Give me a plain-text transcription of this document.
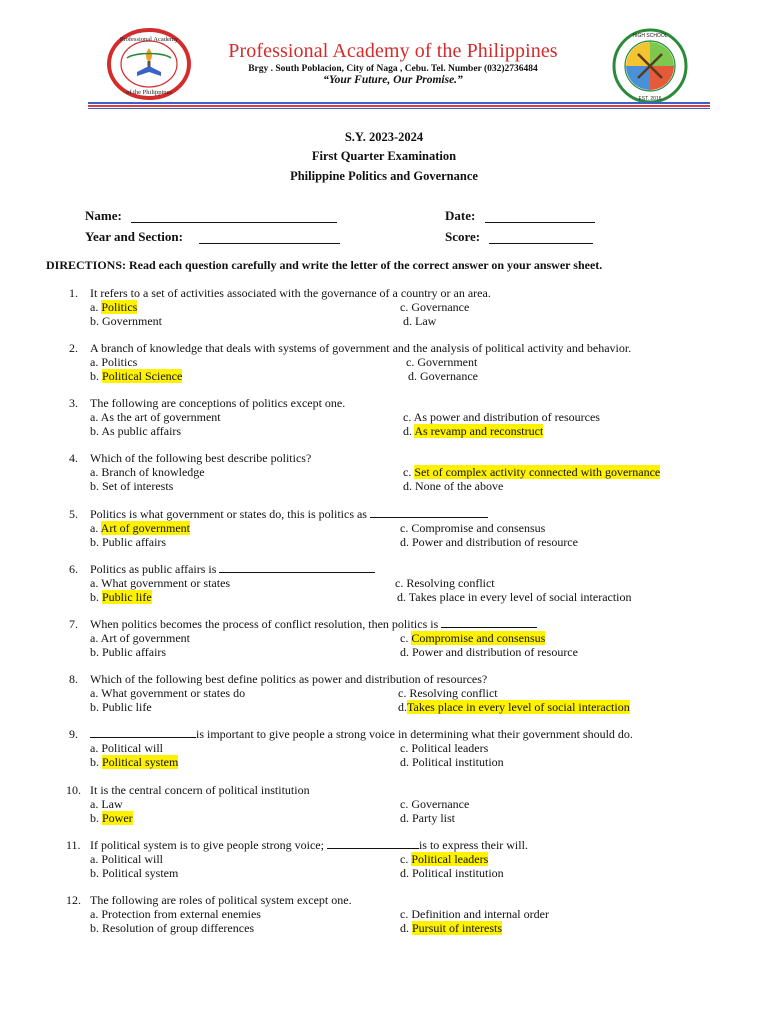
Professional Academy
of the Philippines
Professional Academy of the Philippines
Brgy . South Poblacion, City of Naga , Cebu. Tel. Number (032)2736484
“Your Future, Our Promise.”
HIGH SCHOOL
EST. 2016
S.Y. 2023-2024
First Quarter Examination
Philippine Politics and Governance
Name:	Date:
Year and Section:	Score:
DIRECTIONS: Read each question carefully and write the letter of the correct answer on your answer sheet.
1. It refers to a set of activities associated with the governance of a country or an area.
a. Politics
b. Government
c. Governance
d. Law
2. A branch of knowledge that deals with systems of government and the analysis of political activity and behavior.
a. Politics
b. Political Science
c. Government
d. Governance
3. The following are conceptions of politics except one.
a. As the art of government
b. As public affairs
c. As power and distribution of resources
d. As revamp and reconstruct
4. Which of the following best describe politics?
a. Branch of knowledge
b. Set of interests
c. Set of complex activity connected with governance
d. None of the above
5. Politics is what government or states do, this is politics as
a. Art of government
b. Public affairs
c. Compromise and consensus
d. Power and distribution of resource
6. Politics as public affairs is
a. What government or states
b. Public life
c. Resolving conflict
d. Takes place in every level of social interaction
7. When politics becomes the process of conflict resolution, then politics is
a. Art of government
b. Public affairs
c. Compromise and consensus
d. Power and distribution of resource
8. Which of the following best define politics as power and distribution of resources?
a. What government or states do
b. Public life
c. Resolving conflict
d.Takes place in every level of social interaction
9.	is important to give people a strong voice in determining what their government should do.
a. Political will
b. Political system
c. Political leaders
d. Political institution
10. It is the central concern of political institution
a. Law
b. Power
c. Governance
d. Party list
11. If political system is to give people strong voice;	is to express their will.
a. Political will
b. Political system
c. Political leaders
d. Political institution
12. The following are roles of political system except one.
a. Protection from external enemies
b. Resolution of group differences
c. Definition and internal order
d. Pursuit of interests
